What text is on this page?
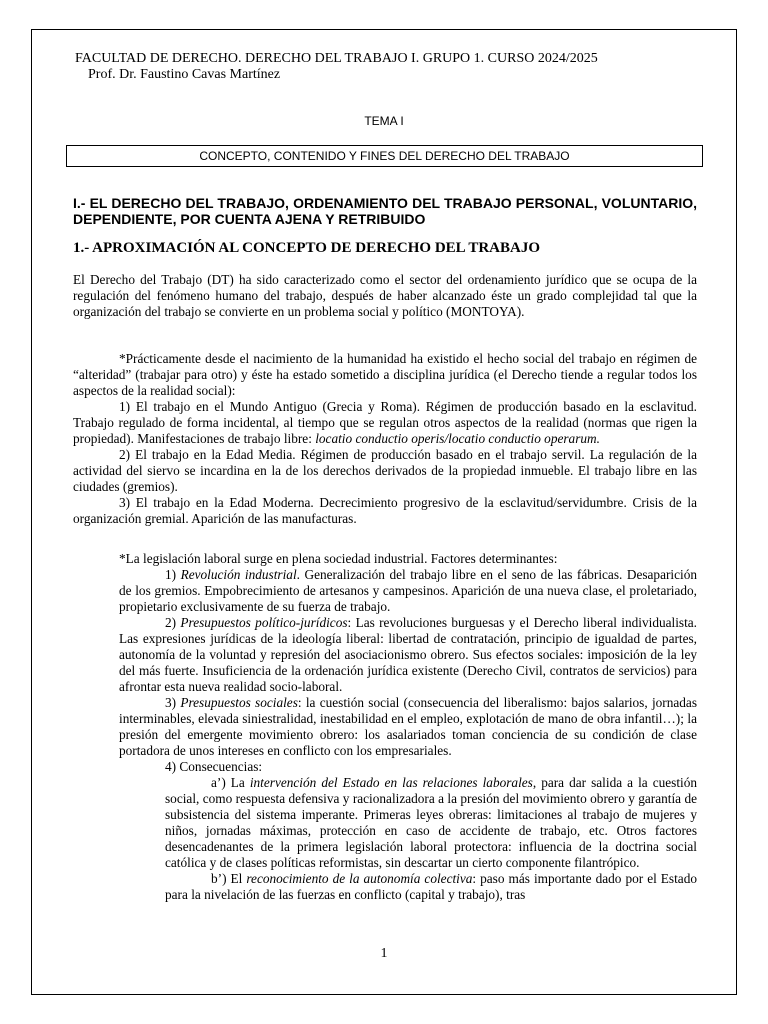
FACULTAD DE DERECHO. DERECHO DEL TRABAJO I. GRUPO 1. CURSO 2024/2025
Prof. Dr. Faustino Cavas Martínez
TEMA I
CONCEPTO, CONTENIDO Y FINES DEL DERECHO DEL TRABAJO
I.- EL DERECHO DEL TRABAJO, ORDENAMIENTO DEL TRABAJO PERSONAL, VOLUNTARIO, DEPENDIENTE, POR CUENTA AJENA Y RETRIBUIDO
1.- APROXIMACIÓN AL CONCEPTO DE DERECHO DEL TRABAJO

El Derecho del Trabajo (DT) ha sido caracterizado como el sector del ordenamiento jurídico que se ocupa de la regulación del fenómeno humano del trabajo, después de haber alcanzado éste un grado complejidad tal que la organización del trabajo se convierte en un problema social y político (MONTOYA).

*Prácticamente desde el nacimiento de la humanidad ha existido el hecho social del trabajo en régimen de “alteridad” (trabajar para otro) y éste ha estado sometido a disciplina jurídica (el Derecho tiende a regular todos los aspectos de la realidad social):

1) El trabajo en el Mundo Antiguo (Grecia y Roma). Régimen de producción basado en la esclavitud. Trabajo regulado de forma incidental, al tiempo que se regulan otros aspectos de la realidad (normas que rigen la propiedad). Manifestaciones de trabajo libre: locatio conductio operis/locatio conductio operarum.

2) El trabajo en la Edad Media. Régimen de producción basado en el trabajo servil. La regulación de la actividad del siervo se incardina en la de los derechos derivados de la propiedad inmueble. El trabajo libre en las ciudades (gremios).

3) El trabajo en la Edad Moderna. Decrecimiento progresivo de la esclavitud/servidumbre. Crisis de la organización gremial. Aparición de las manufacturas.

*La legislación laboral surge en plena sociedad industrial. Factores determinantes:

1) Revolución industrial. Generalización del trabajo libre en el seno de las fábricas. Desaparición de los gremios. Empobrecimiento de artesanos y campesinos. Aparición de una nueva clase, el proletariado, propietario exclusivamente de su fuerza de trabajo.

2) Presupuestos político-jurídicos: Las revoluciones burguesas y el Derecho liberal individualista. Las expresiones jurídicas de la ideología liberal: libertad de contratación, principio de igualdad de partes, autonomía de la voluntad y represión del asociacionismo obrero. Sus efectos sociales: imposición de la ley del más fuerte. Insuficiencia de la ordenación jurídica existente (Derecho Civil, contratos de servicios) para afrontar esta nueva realidad socio-laboral.

3) Presupuestos sociales: la cuestión social (consecuencia del liberalismo: bajos salarios, jornadas interminables, elevada siniestralidad, inestabilidad en el empleo, explotación de mano de obra infantil…); la presión del emergente movimiento obrero: los asalariados toman conciencia de su condición de clase portadora de unos intereses en conflicto con los empresariales.

4) Consecuencias:

a’) La intervención del Estado en las relaciones laborales, para dar salida a la cuestión social, como respuesta defensiva y racionalizadora a la presión del movimiento obrero y garantía de subsistencia del sistema imperante. Primeras leyes obreras: limitaciones al trabajo de mujeres y niños, jornadas máximas, protección en caso de accidente de trabajo, etc. Otros factores desencadenantes de la primera legislación laboral protectora: influencia de la doctrina social católica y de clases políticas reformistas, sin descartar un cierto componente filantrópico.

b’) El reconocimiento de la autonomía colectiva: paso más importante dado por el Estado para la nivelación de las fuerzas en conflicto (capital y trabajo), tras

1
